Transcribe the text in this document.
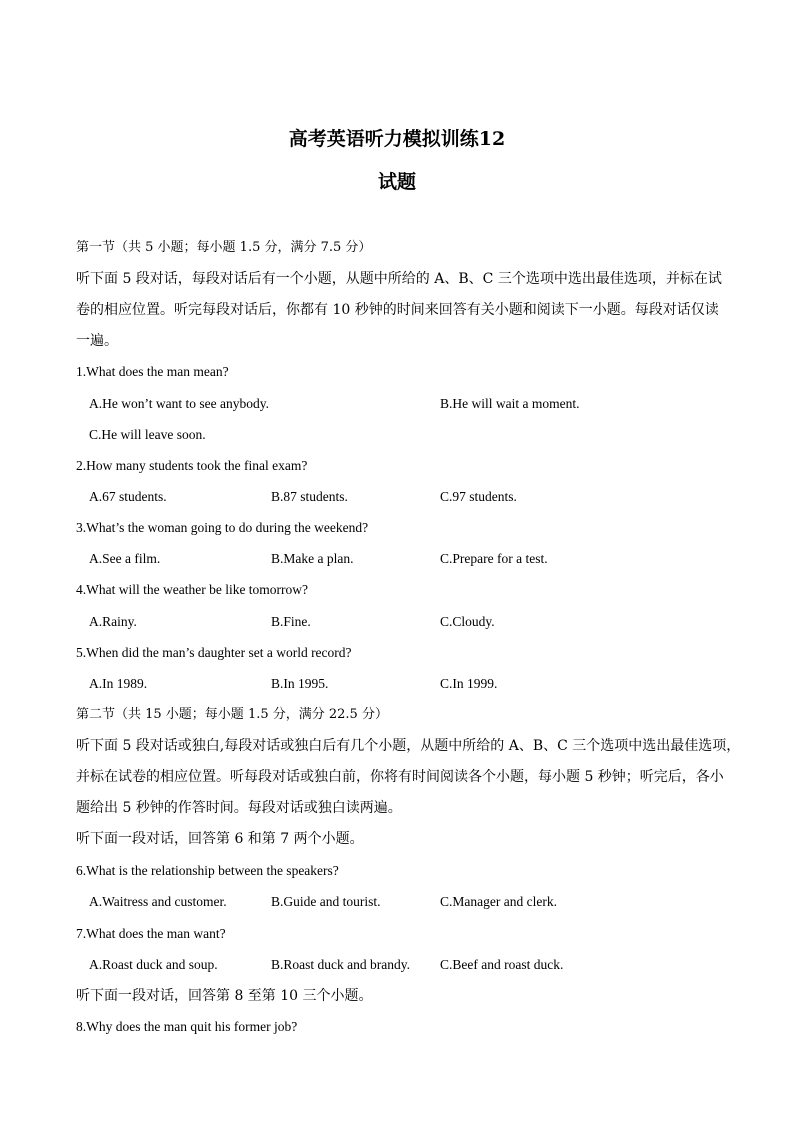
高考英语听力模拟训练12
试题
第一节（共 5 小题；每小题 1.5 分，满分 7.5 分）
听下面 5 段对话，每段对话后有一个小题，从题中所给的 A、B、C 三个选项中选出最佳选项，并标在试
卷的相应位置。听完每段对话后，你都有 10 秒钟的时间来回答有关小题和阅读下一小题。每段对话仅读
一遍。
1.What does the man mean?
A.He won’t want to see anybody.	B.He will wait a moment.
C.He will leave soon.
2.How many students took the final exam?
A.67 students.	B.87 students.	C.97 students.
3.What’s the woman going to do during the weekend?
A.See a film.	B.Make a plan.	C.Prepare for a test.
4.What will the weather be like tomorrow?
A.Rainy.	B.Fine.	C.Cloudy.
5.When did the man’s daughter set a world record?
A.In 1989.	B.In 1995.	C.In 1999.
第二节（共 15 小题；每小题 1.5 分，满分 22.5 分）
听下面 5 段对话或独白,每段对话或独白后有几个小题，从题中所给的 A、B、C 三个选项中选出最佳选项，
并标在试卷的相应位置。听每段对话或独白前，你将有时间阅读各个小题，每小题 5 秒钟；听完后，各小
题给出 5 秒钟的作答时间。每段对话或独白读两遍。
听下面一段对话，回答第 6 和第 7 两个小题。
6.What is the relationship between the speakers?
A.Waitress and customer.	B.Guide and tourist.	C.Manager and clerk.
7.What does the man want?
A.Roast duck and soup.	B.Roast duck and brandy. C.Beef and roast duck.
听下面一段对话，回答第 8 至第 10 三个小题。
8.Why does the man quit his former job?
